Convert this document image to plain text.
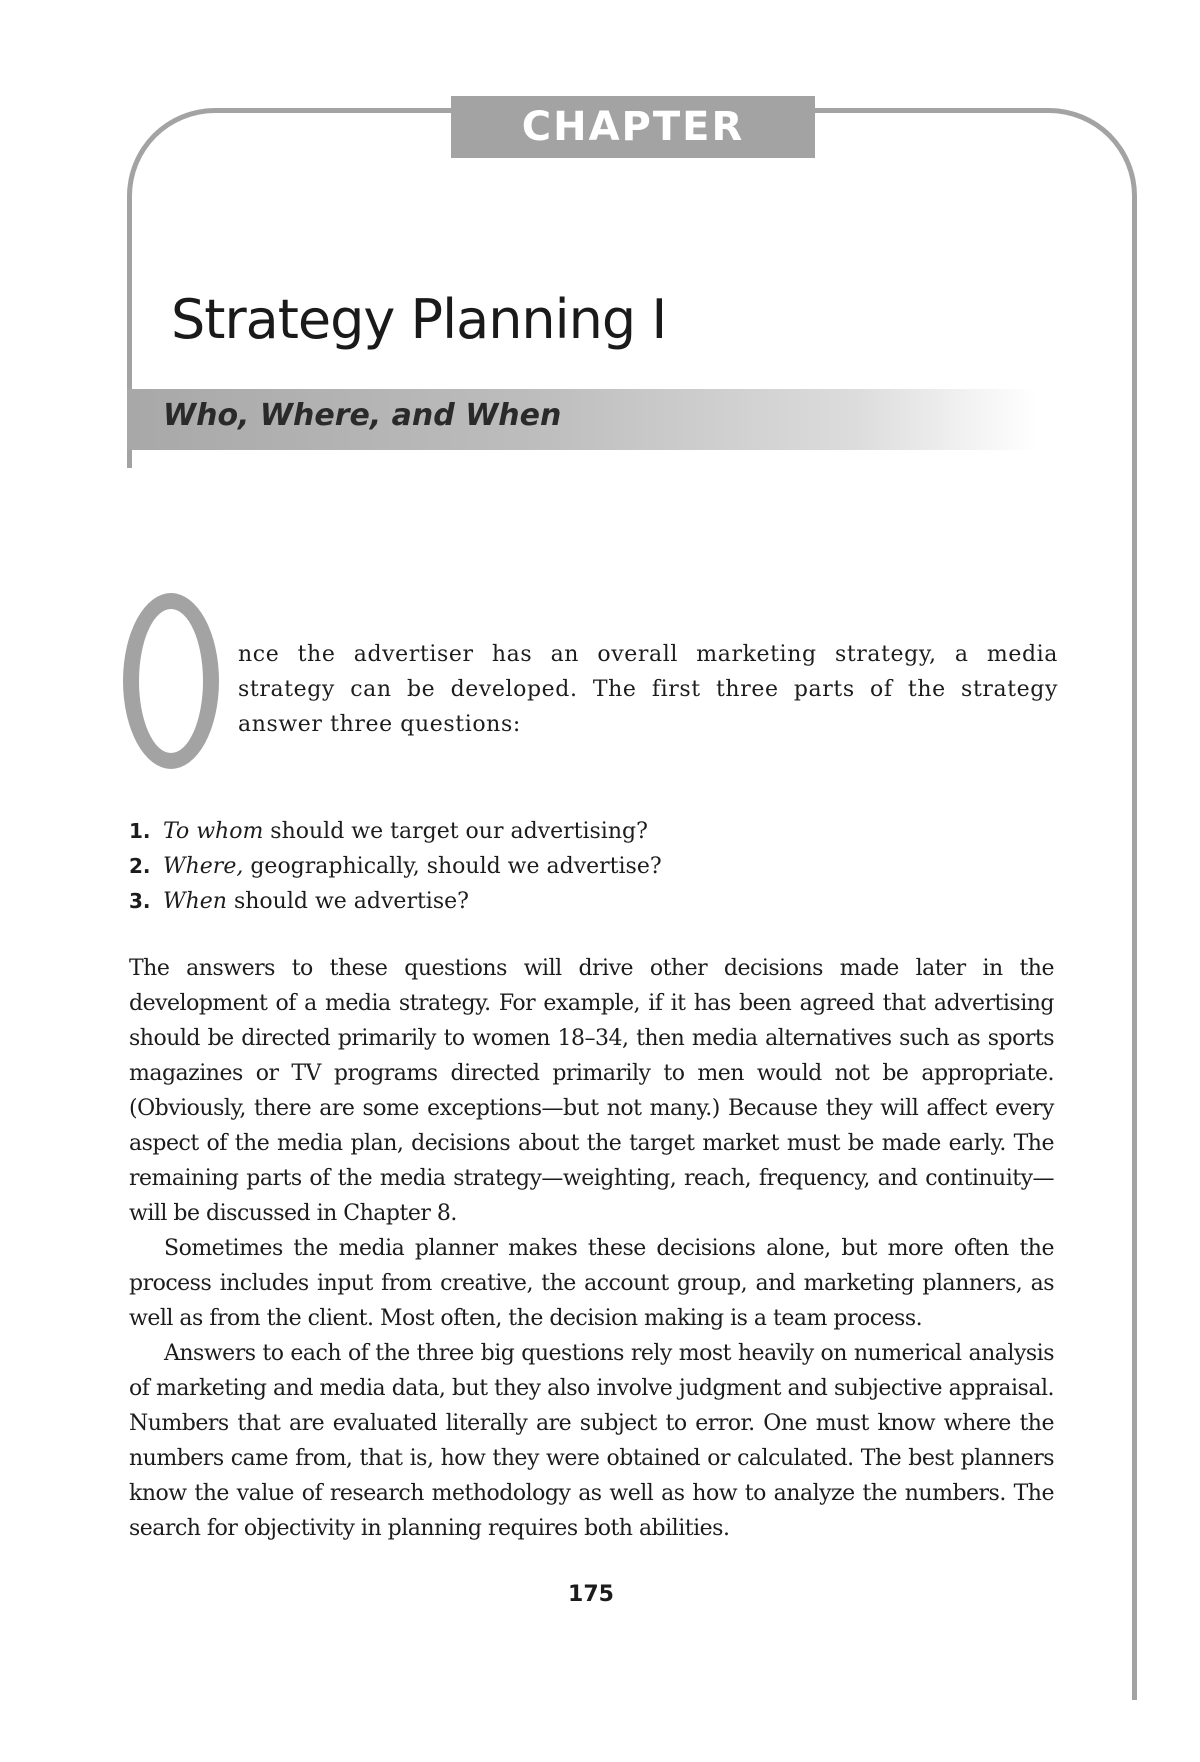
CHAPTER SEVEN
Strategy Planning I
Who, Where, and When

nce the advertiser has an overall marketing strategy, a media strategy can be developed. The first three parts of the strategy answer three questions:

1. To whom should we target our advertising?
2. Where, geographically, should we advertise?
3. When should we advertise?

The answers to these questions will drive other decisions made later in the development of a media strategy. For example, if it has been agreed that advertising should be directed primarily to women 18–34, then media alternatives such as sports magazines or TV programs directed primarily to men would not be appropriate. (Obviously, there are some exceptions—but not many.) Because they will affect every aspect of the media plan, decisions about the target market must be made early. The remaining parts of the media strategy—weighting, reach, frequency, and continuity—will be discussed in Chapter 8.

Sometimes the media planner makes these decisions alone, but more often the process includes input from creative, the account group, and marketing planners, as well as from the client. Most often, the decision making is a team process.

Answers to each of the three big questions rely most heavily on numerical analysis of marketing and media data, but they also involve judgment and subjective appraisal. Numbers that are evaluated literally are subject to error. One must know where the numbers came from, that is, how they were obtained or calculated. The best planners know the value of research methodology as well as how to analyze the numbers. The search for objectivity in planning requires both abilities.

175
